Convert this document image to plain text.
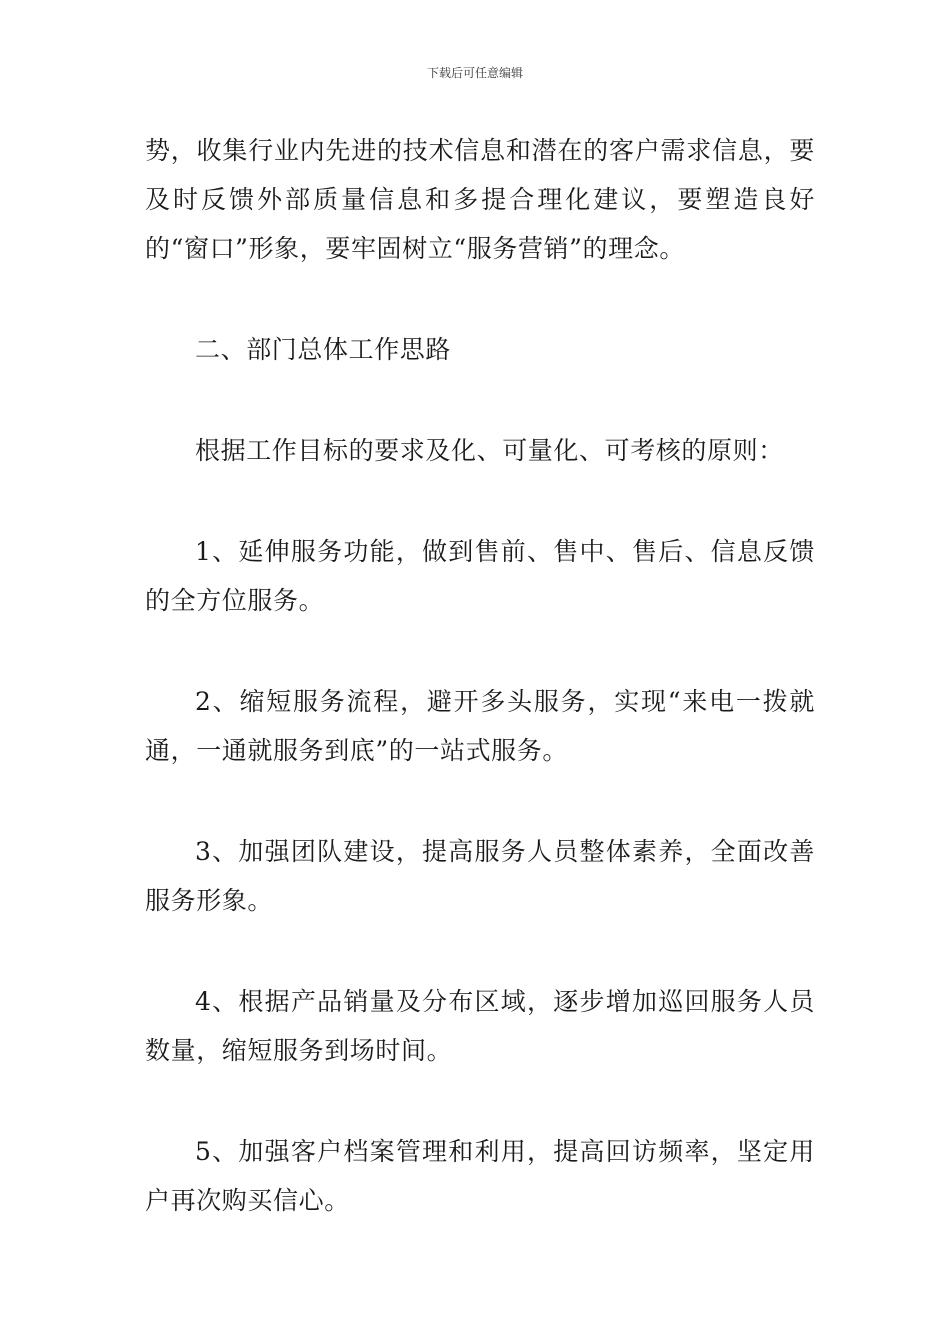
下载后可任意编辑

势，收集行业内先进的技术信息和潜在的客户需求信息，要及时反馈外部质量信息和多提合理化建议，要塑造良好的“窗口”形象，要牢固树立“服务营销”的理念。

二、部门总体工作思路

根据工作目标的要求及化、可量化、可考核的原则：

1、延伸服务功能，做到售前、售中、售后、信息反馈的全方位服务。

2、缩短服务流程，避开多头服务，实现“来电一拨就通，一通就服务到底”的一站式服务。

3、加强团队建设，提高服务人员整体素养，全面改善服务形象。

4、根据产品销量及分布区域，逐步增加巡回服务人员数量，缩短服务到场时间。

5、加强客户档案管理和利用，提高回访频率，坚定用户再次购买信心。
